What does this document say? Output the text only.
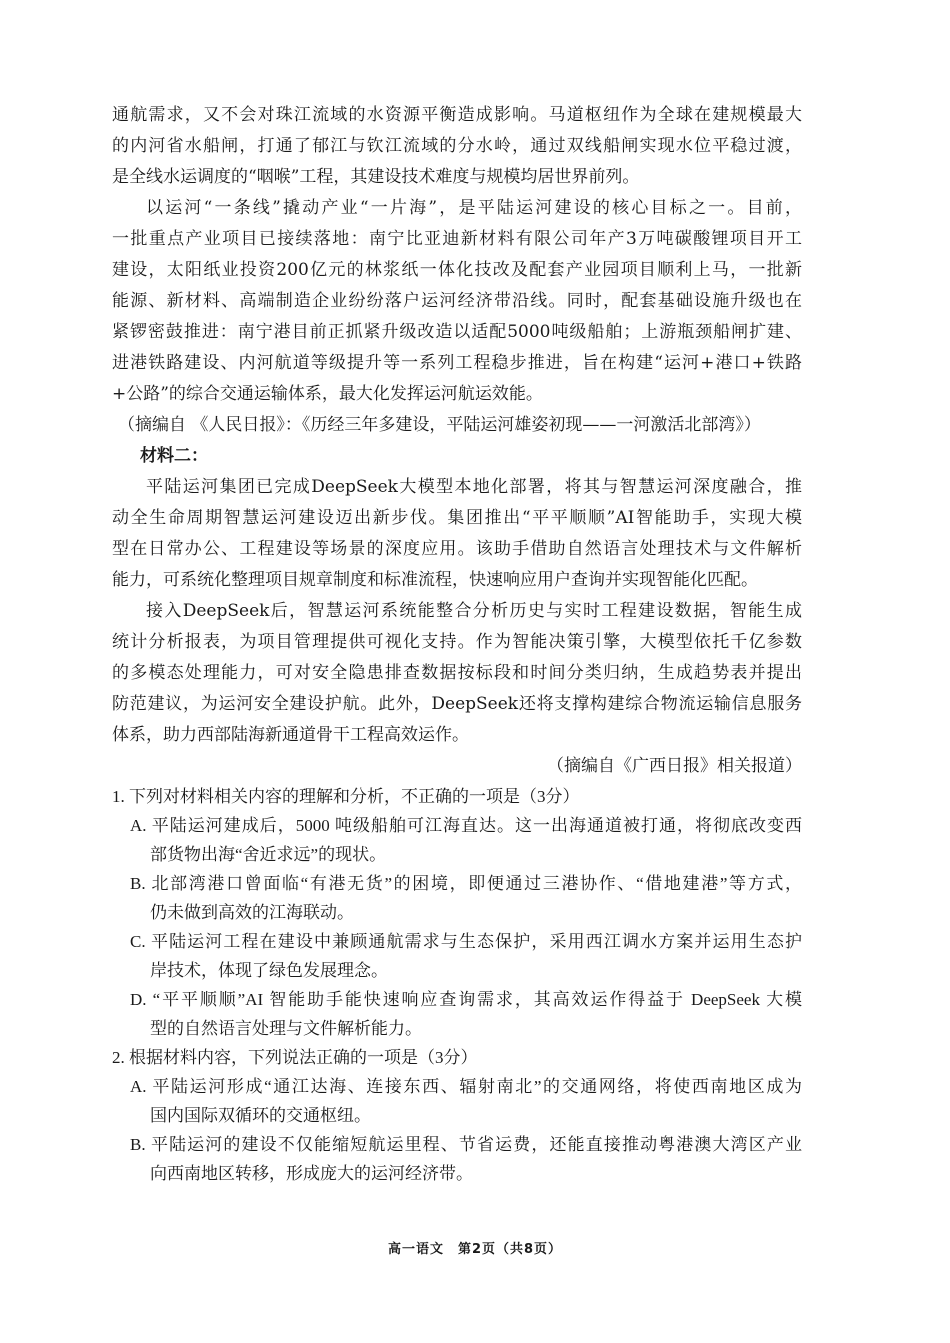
通航需求，又不会对珠江流域的水资源平衡造成影响。马道枢纽作为全球在建规模最大
的内河省水船闸，打通了郁江与钦江流域的分水岭，通过双线船闸实现水位平稳过渡，
是全线水运调度的“咽喉”工程，其建设技术难度与规模均居世界前列。
以运河“一条线”撬动产业“一片海”，是平陆运河建设的核心目标之一。目前，
一批重点产业项目已接续落地：南宁比亚迪新材料有限公司年产3万吨碳酸锂项目开工
建设，太阳纸业投资200亿元的林浆纸一体化技改及配套产业园项目顺利上马，一批新
能源、新材料、高端制造企业纷纷落户运河经济带沿线。同时，配套基础设施升级也在
紧锣密鼓推进：南宁港目前正抓紧升级改造以适配5000吨级船舶；上游瓶颈船闸扩建、
进港铁路建设、内河航道等级提升等一系列工程稳步推进，旨在构建“运河+港口+铁路
+公路”的综合交通运输体系，最大化发挥运河航运效能。
（摘编自 《人民日报》：《历经三年多建设，平陆运河雄姿初现——一河激活北部湾》）
材料二：
平陆运河集团已完成DeepSeek大模型本地化部署，将其与智慧运河深度融合，推
动全生命周期智慧运河建设迈出新步伐。集团推出“平平顺顺”AI智能助手，实现大模
型在日常办公、工程建设等场景的深度应用。该助手借助自然语言处理技术与文件解析
能力，可系统化整理项目规章制度和标准流程，快速响应用户查询并实现智能化匹配。
接入DeepSeek后，智慧运河系统能整合分析历史与实时工程建设数据，智能生成
统计分析报表，为项目管理提供可视化支持。作为智能决策引擎，大模型依托千亿参数
的多模态处理能力，可对安全隐患排查数据按标段和时间分类归纳，生成趋势表并提出
防范建议，为运河安全建设护航。此外，DeepSeek还将支撑构建综合物流运输信息服务
体系，助力西部陆海新通道骨干工程高效运作。
（摘编自《广西日报》相关报道）
1. 下列对材料相关内容的理解和分析，不正确的一项是（3分）
A. 平陆运河建成后，5000 吨级船舶可江海直达。这一出海通道被打通，将彻底改变西
部货物出海“舍近求远”的现状。
B. 北部湾港口曾面临“有港无货”的困境，即便通过三港协作、“借地建港”等方式，
仍未做到高效的江海联动。
C. 平陆运河工程在建设中兼顾通航需求与生态保护，采用西江调水方案并运用生态护
岸技术，体现了绿色发展理念。
D. “平平顺顺”AI 智能助手能快速响应查询需求，其高效运作得益于 DeepSeek 大模
型的自然语言处理与文件解析能力。
2. 根据材料内容，下列说法正确的一项是（3分）
A. 平陆运河形成“通江达海、连接东西、辐射南北”的交通网络，将使西南地区成为
国内国际双循环的交通枢纽。
B. 平陆运河的建设不仅能缩短航运里程、节省运费，还能直接推动粤港澳大湾区产业
向西南地区转移，形成庞大的运河经济带。
高一语文　第2页（共8页）
